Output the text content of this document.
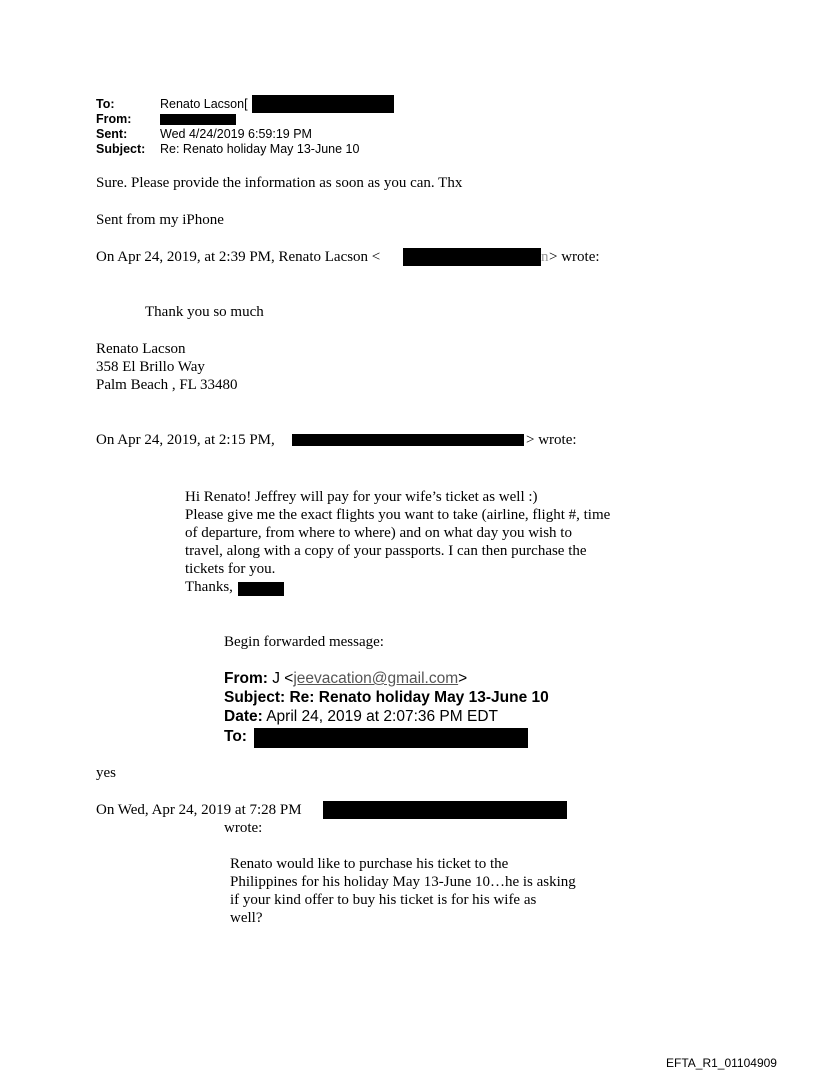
To:	Renato Lacson[
From:
Sent:	Wed 4/24/2019 6:59:19 PM
Subject: Re: Renato holiday May 13-June 10
Sure. Please provide the information as soon as you can. Thx
Sent from my iPhone
On Apr 24, 2019, at 2:39 PM, Renato Lacson <	n > wrote:
Thank you so much
Renato Lacson
358 El Brillo Way
Palm Beach , FL 33480
On Apr 24, 2019, at 2:15 PM,	> wrote:
Hi Renato! Jeffrey will pay for your wife’s ticket as well :)
Please give me the exact flights you want to take (airline, flight #, time
of departure, from where to where) and on what day you wish to
travel, along with a copy of your passports. I can then purchase the
tickets for you.
Thanks,
Begin forwarded message:
From: J <jeevacation@gmail.com>
Subject: Re: Renato holiday May 13-June 10
Date: April 24, 2019 at 2:07:36 PM EDT
To:
yes
On Wed, Apr 24, 2019 at 7:28 PM
wrote:
Renato would like to purchase his ticket to the
Philippines for his holiday May 13-June 10…he is asking
if your kind offer to buy his ticket is for his wife as
well?
EFTA_R1_01104909
